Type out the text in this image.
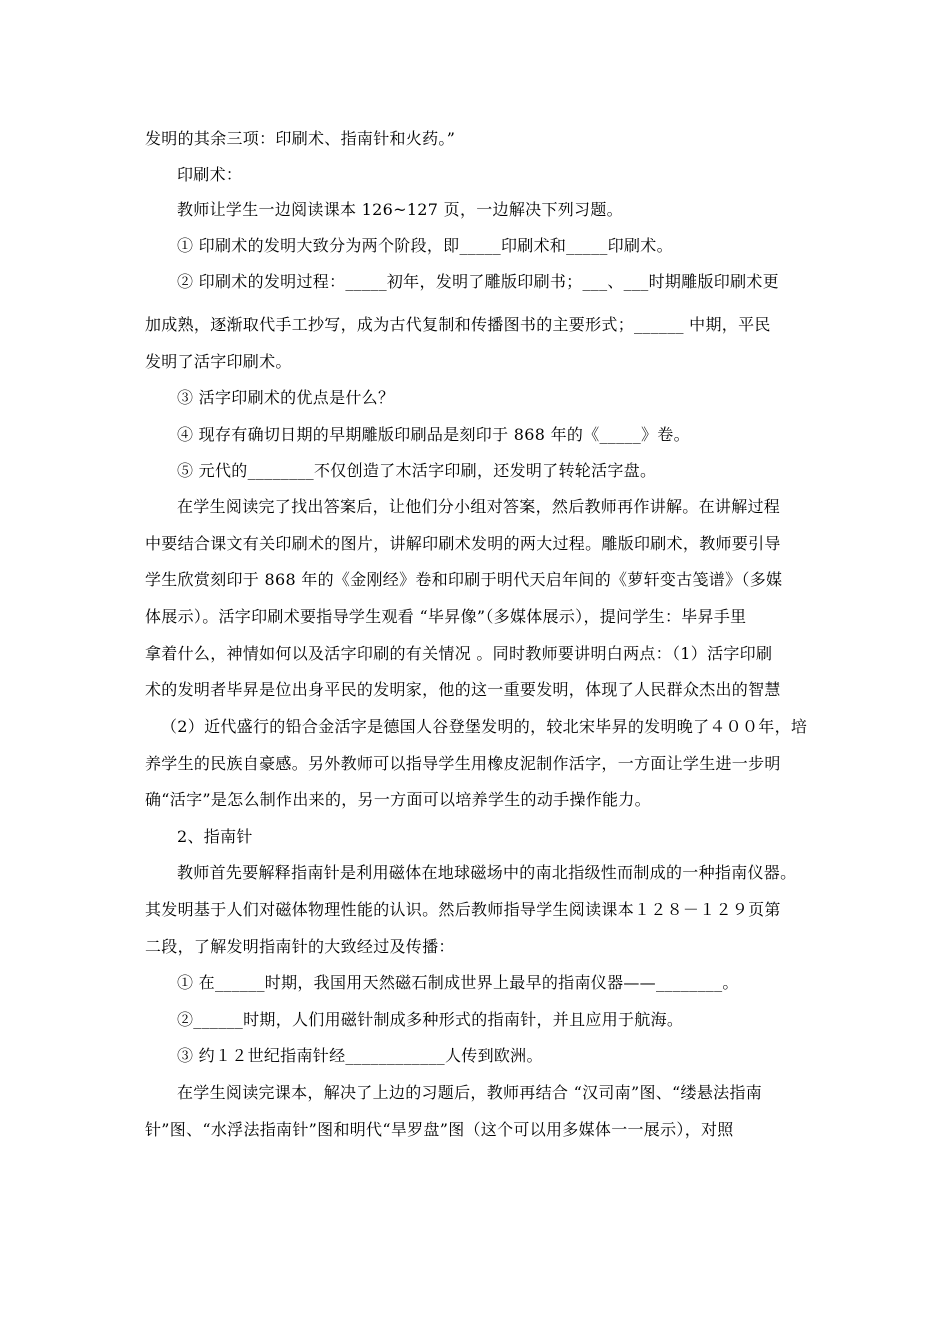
发明的其余三项：印刷术、指南针和火药。”
印刷术：
教师让学生一边阅读课本 126~127 页，一边解决下列习题。
① 印刷术的发明大致分为两个阶段，即_____印刷术和_____印刷术。
② 印刷术的发明过程：_____初年，发明了雕版印刷书；___、___时期雕版印刷术更
加成熟，逐渐取代手工抄写，成为古代复制和传播图书的主要形式；______ 中期，平民
发明了活字印刷术。
③ 活字印刷术的优点是什么？
④ 现存有确切日期的早期雕版印刷品是刻印于 868 年的《_____》卷。
⑤ 元代的________不仅创造了木活字印刷，还发明了转轮活字盘。
在学生阅读完了找出答案后，让他们分小组对答案，然后教师再作讲解。在讲解过程
中要结合课文有关印刷术的图片，讲解印刷术发明的两大过程。雕版印刷术，教师要引导
学生欣赏刻印于 868 年的《金刚经》卷和印刷于明代天启年间的《萝轩变古笺谱》（多媒
体展示）。活字印刷术要指导学生观看 “毕昇像”（多媒体展示），提问学生：毕昇手里
拿着什么，神情如何以及活字印刷的有关情况 。同时教师要讲明白两点：（1）活字印刷
术的发明者毕昇是位出身平民的发明家，他的这一重要发明，体现了人民群众杰出的智慧
（2）近代盛行的铅合金活字是德国人谷登堡发明的，较北宋毕昇的发明晚了４００年，培
养学生的民族自豪感。另外教师可以指导学生用橡皮泥制作活字，一方面让学生进一步明
确“活字”是怎么制作出来的，另一方面可以培养学生的动手操作能力。
2、指南针
教师首先要解释指南针是利用磁体在地球磁场中的南北指级性而制成的一种指南仪器。
其发明基于人们对磁体物理性能的认识。然后教师指导学生阅读课本１２８－１２９页第
二段，了解发明指南针的大致经过及传播：
① 在______时期，我国用天然磁石制成世界上最早的指南仪器——________。
②______时期，人们用磁针制成多种形式的指南针，并且应用于航海。
③ 约１２世纪指南针经____________人传到欧洲。
在学生阅读完课本，解决了上边的习题后，教师再结合 “汉司南”图、“缕悬法指南
针”图、“水浮法指南针”图和明代“旱罗盘”图（这个可以用多媒体一一展示），对照
